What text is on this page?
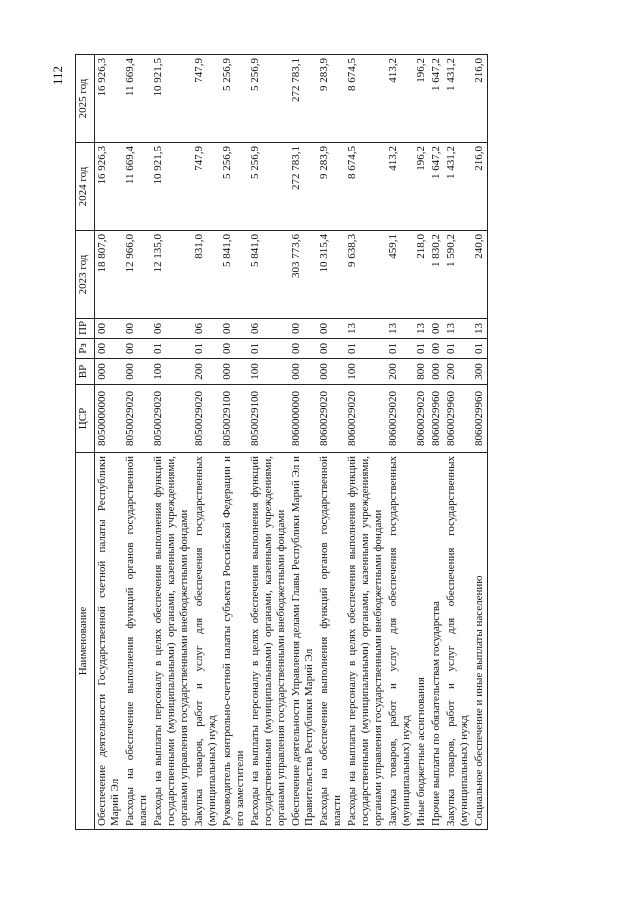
112
Наименование	ЦСР	ВР	Рз	ПР	2023 год	2024 год	2025 год
Обеспечение деятельности Государственной счетной палаты Республики Марий Эл	8050000000	000	00	00	18 807,0	16 926,3	16 926,3
Расходы на обеспечение выполнения функций органов государственной власти	8050029020	000	00	00	12 966,0	11 669,4	11 669,4
Расходы на выплаты персоналу в целях обеспечения выполнения функций государственными (муниципальными) органами, казенными учреждениями, органами управления государственными внебюджетными фондами	8050029020	100	01	06	12 135,0	10 921,5	10 921,5
Закупка товаров, работ и услуг для обеспечения государственных (муниципальных) нужд	8050029020	200	01	06	831,0	747,9	747,9
Руководитель контрольно-счетной палаты субъекта Российской Федерации и его заместители	8050029100	000	00	00	5 841,0	5 256,9	5 256,9
Расходы на выплаты персоналу в целях обеспечения выполнения функций государственными (муниципальными) органами, казенными учреждениями, органами управления государственными внебюджетными фондами	8050029100	100	01	06	5 841,0	5 256,9	5 256,9
Обеспечение деятельности Управления делами Главы Республики Марий Эл и Правительства Республики Марий Эл	8060000000	000	00	00	303 773,6	272 783,1	272 783,1
Расходы на обеспечение выполнения функций органов государственной власти	8060029020	000	00	00	10 315,4	9 283,9	9 283,9
Расходы на выплаты персоналу в целях обеспечения выполнения функций государственными (муниципальными) органами, казенными учреждениями, органами управления государственными внебюджетными фондами	8060029020	100	01	13	9 638,3	8 674,5	8 674,5
Закупка товаров, работ и услуг для обеспечения государственных (муниципальных) нужд	8060029020	200	01	13	459,1	413,2	413,2
Иные бюджетные ассигнования	8060029020	800	01	13	218,0	196,2	196,2
Прочие выплаты по обязательствам государства	8060029960	000	00	00	1 830,2	1 647,2	1 647,2
Закупка товаров, работ и услуг для обеспечения государственных (муниципальных) нужд	8060029960	200	01	13	1 590,2	1 431,2	1 431,2
Социальное обеспечение и иные выплаты населению	8060029960	300	01	13	240,0	216,0	216,0
